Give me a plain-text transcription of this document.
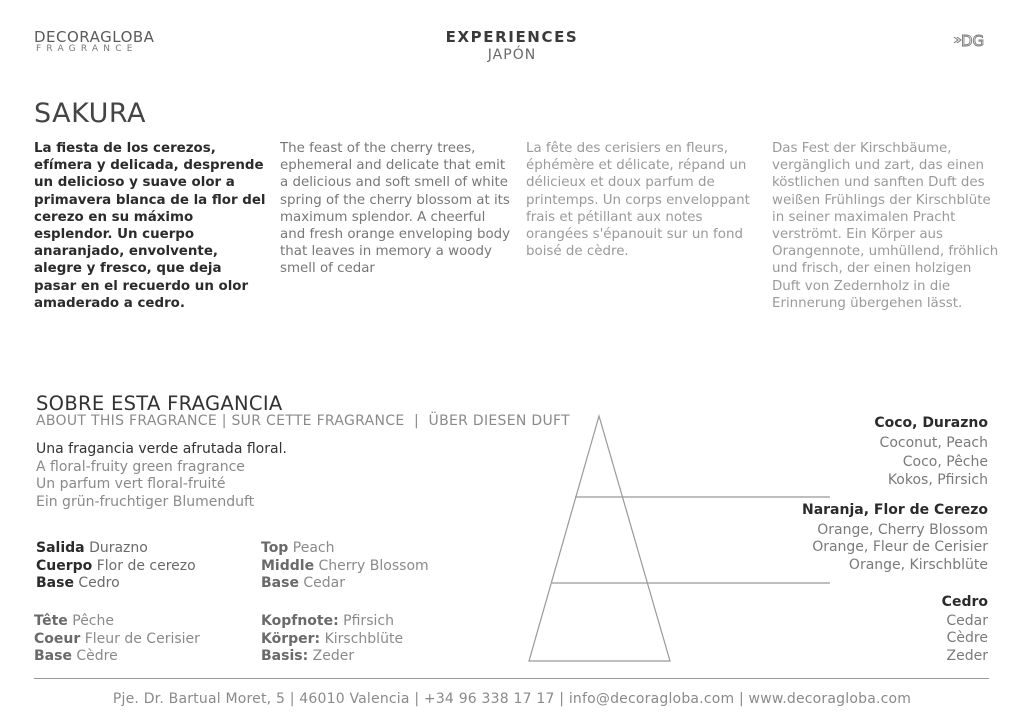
DECORAGLOBA
FRAGRANCE
EXPERIENCES
JAPÓN
DG
SAKURA
La fiesta de los cerezos, efímera y delicada, desprende un delicioso y suave olor a primavera blanca de la flor del cerezo en su máximo esplendor. Un cuerpo anaranjado, envolvente, alegre y fresco, que deja pasar en el recuerdo un olor amaderado a cedro.
The feast of the cherry trees, ephemeral and delicate that emit a delicious and soft smell of white spring of the cherry blossom at its maximum splendor. A cheerful and fresh orange enveloping body that leaves in memory a woody smell of cedar
La fête des cerisiers en fleurs, éphémère et délicate, répand un délicieux et doux parfum de printemps. Un corps enveloppant frais et pétillant aux notes orangées s'épanouit sur un fond boisé de cèdre.
Das Fest der Kirschbäume, vergänglich und zart, das einen köstlichen und sanften Duft des weißen Frühlings der Kirschblüte in seiner maximalen Pracht verströmt. Ein Körper aus Orangennote, umhüllend, fröhlich und frisch, der einen holzigen Duft von Zedernholz in die Erinnerung übergehen lässt.
SOBRE ESTA FRAGANCIA
ABOUT THIS FRAGRANCE | SUR CETTE FRAGRANCE  |  ÜBER DIESEN DUFT
Una fragancia verde afrutada floral.
A floral-fruity green fragrance
Un parfum vert floral-fruité
Ein grün-fruchtiger Blumenduft
Salida Durazno
Cuerpo Flor de cerezo
Base Cedro
Top Peach
Middle Cherry Blossom
Base Cedar
Tête Pêche
Coeur Fleur de Cerisier
Base Cèdre
Kopfnote: Pfirsich
Körper: Kirschblüte
Basis: Zeder
Coco, Durazno
Coconut, Peach
Coco, Pêche
Kokos, Pfirsich
Naranja, Flor de Cerezo
Orange, Cherry Blossom
Orange, Fleur de Cerisier
Orange, Kirschblüte
Cedro
Cedar
Cèdre
Zeder
Pje. Dr. Bartual Moret, 5 | 46010 Valencia | +34 96 338 17 17 | info@decoragloba.com | www.decoragloba.com
